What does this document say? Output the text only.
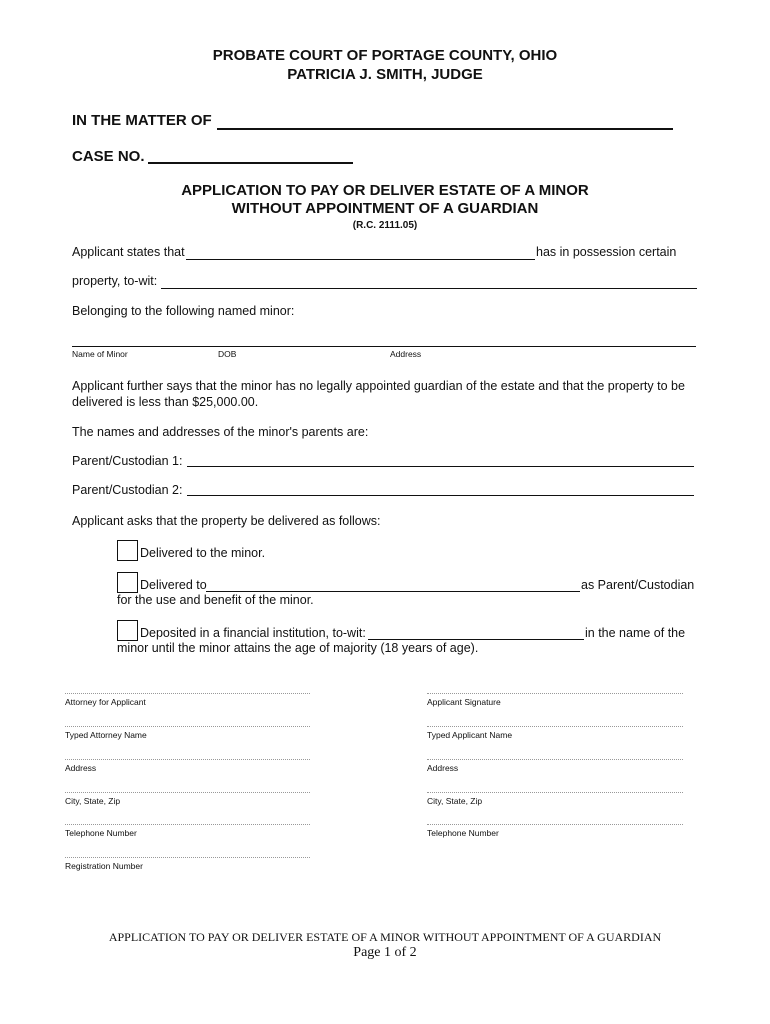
PROBATE COURT OF PORTAGE COUNTY, OHIO
PATRICIA J. SMITH, JUDGE
IN THE MATTER OF
CASE NO.
APPLICATION TO PAY OR DELIVER ESTATE OF A MINOR
WITHOUT APPOINTMENT OF A GUARDIAN
(R.C. 2111.05)
Applicant states that	has in possession certain
property, to-wit:
Belonging to the following named minor:
Name of Minor	DOB	Address
Applicant further says that the minor has no legally appointed guardian of the estate and that the property to be
delivered is less than $25,000.00.
The names and addresses of the minor's parents are:
Parent/Custodian 1:
Parent/Custodian 2:
Applicant asks that the property be delivered as follows:
Delivered to the minor.
Delivered to	as Parent/Custodian
for the use and benefit of the minor.
Deposited in a financial institution, to-wit:	in the name of the
minor until the minor attains the age of majority (18 years of age).
Attorney for Applicant
Typed Attorney Name
Address
City, State, Zip
Telephone Number
Registration Number
Applicant Signature
Typed Applicant Name
Address
City, State, Zip
Telephone Number
APPLICATION TO PAY OR DELIVER ESTATE OF A MINOR WITHOUT APPOINTMENT OF A GUARDIAN
Page 1 of 2
